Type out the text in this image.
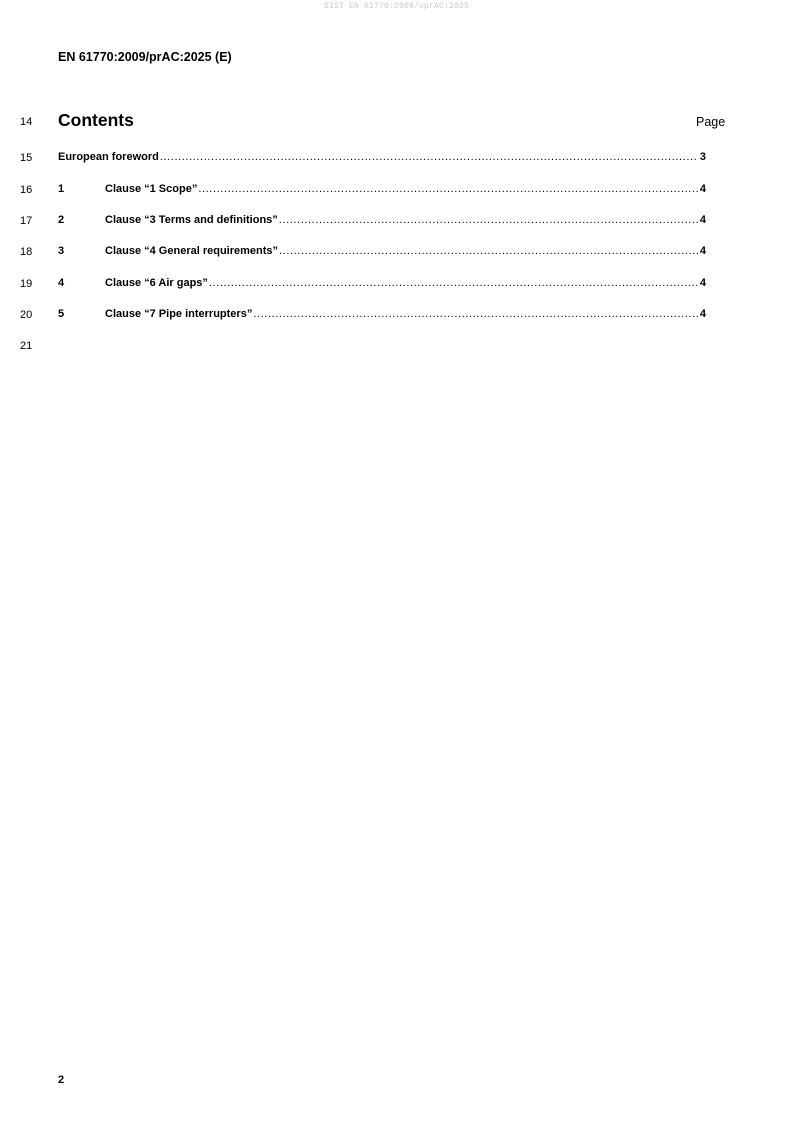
SIST EN 61770:2009/oprAC:2025
EN 61770:2009/prAC:2025 (E)
14 Contents	Page
15 European foreword .....	3
16 1	Clause “1 Scope” .....	4
17 2	Clause “3 Terms and definitions” .....	4
18 3	Clause “4 General requirements” .....	4
19 4	Clause “6 Air gaps” .....	4
20 5	Clause “7 Pipe interrupters” .....	4
21
2
